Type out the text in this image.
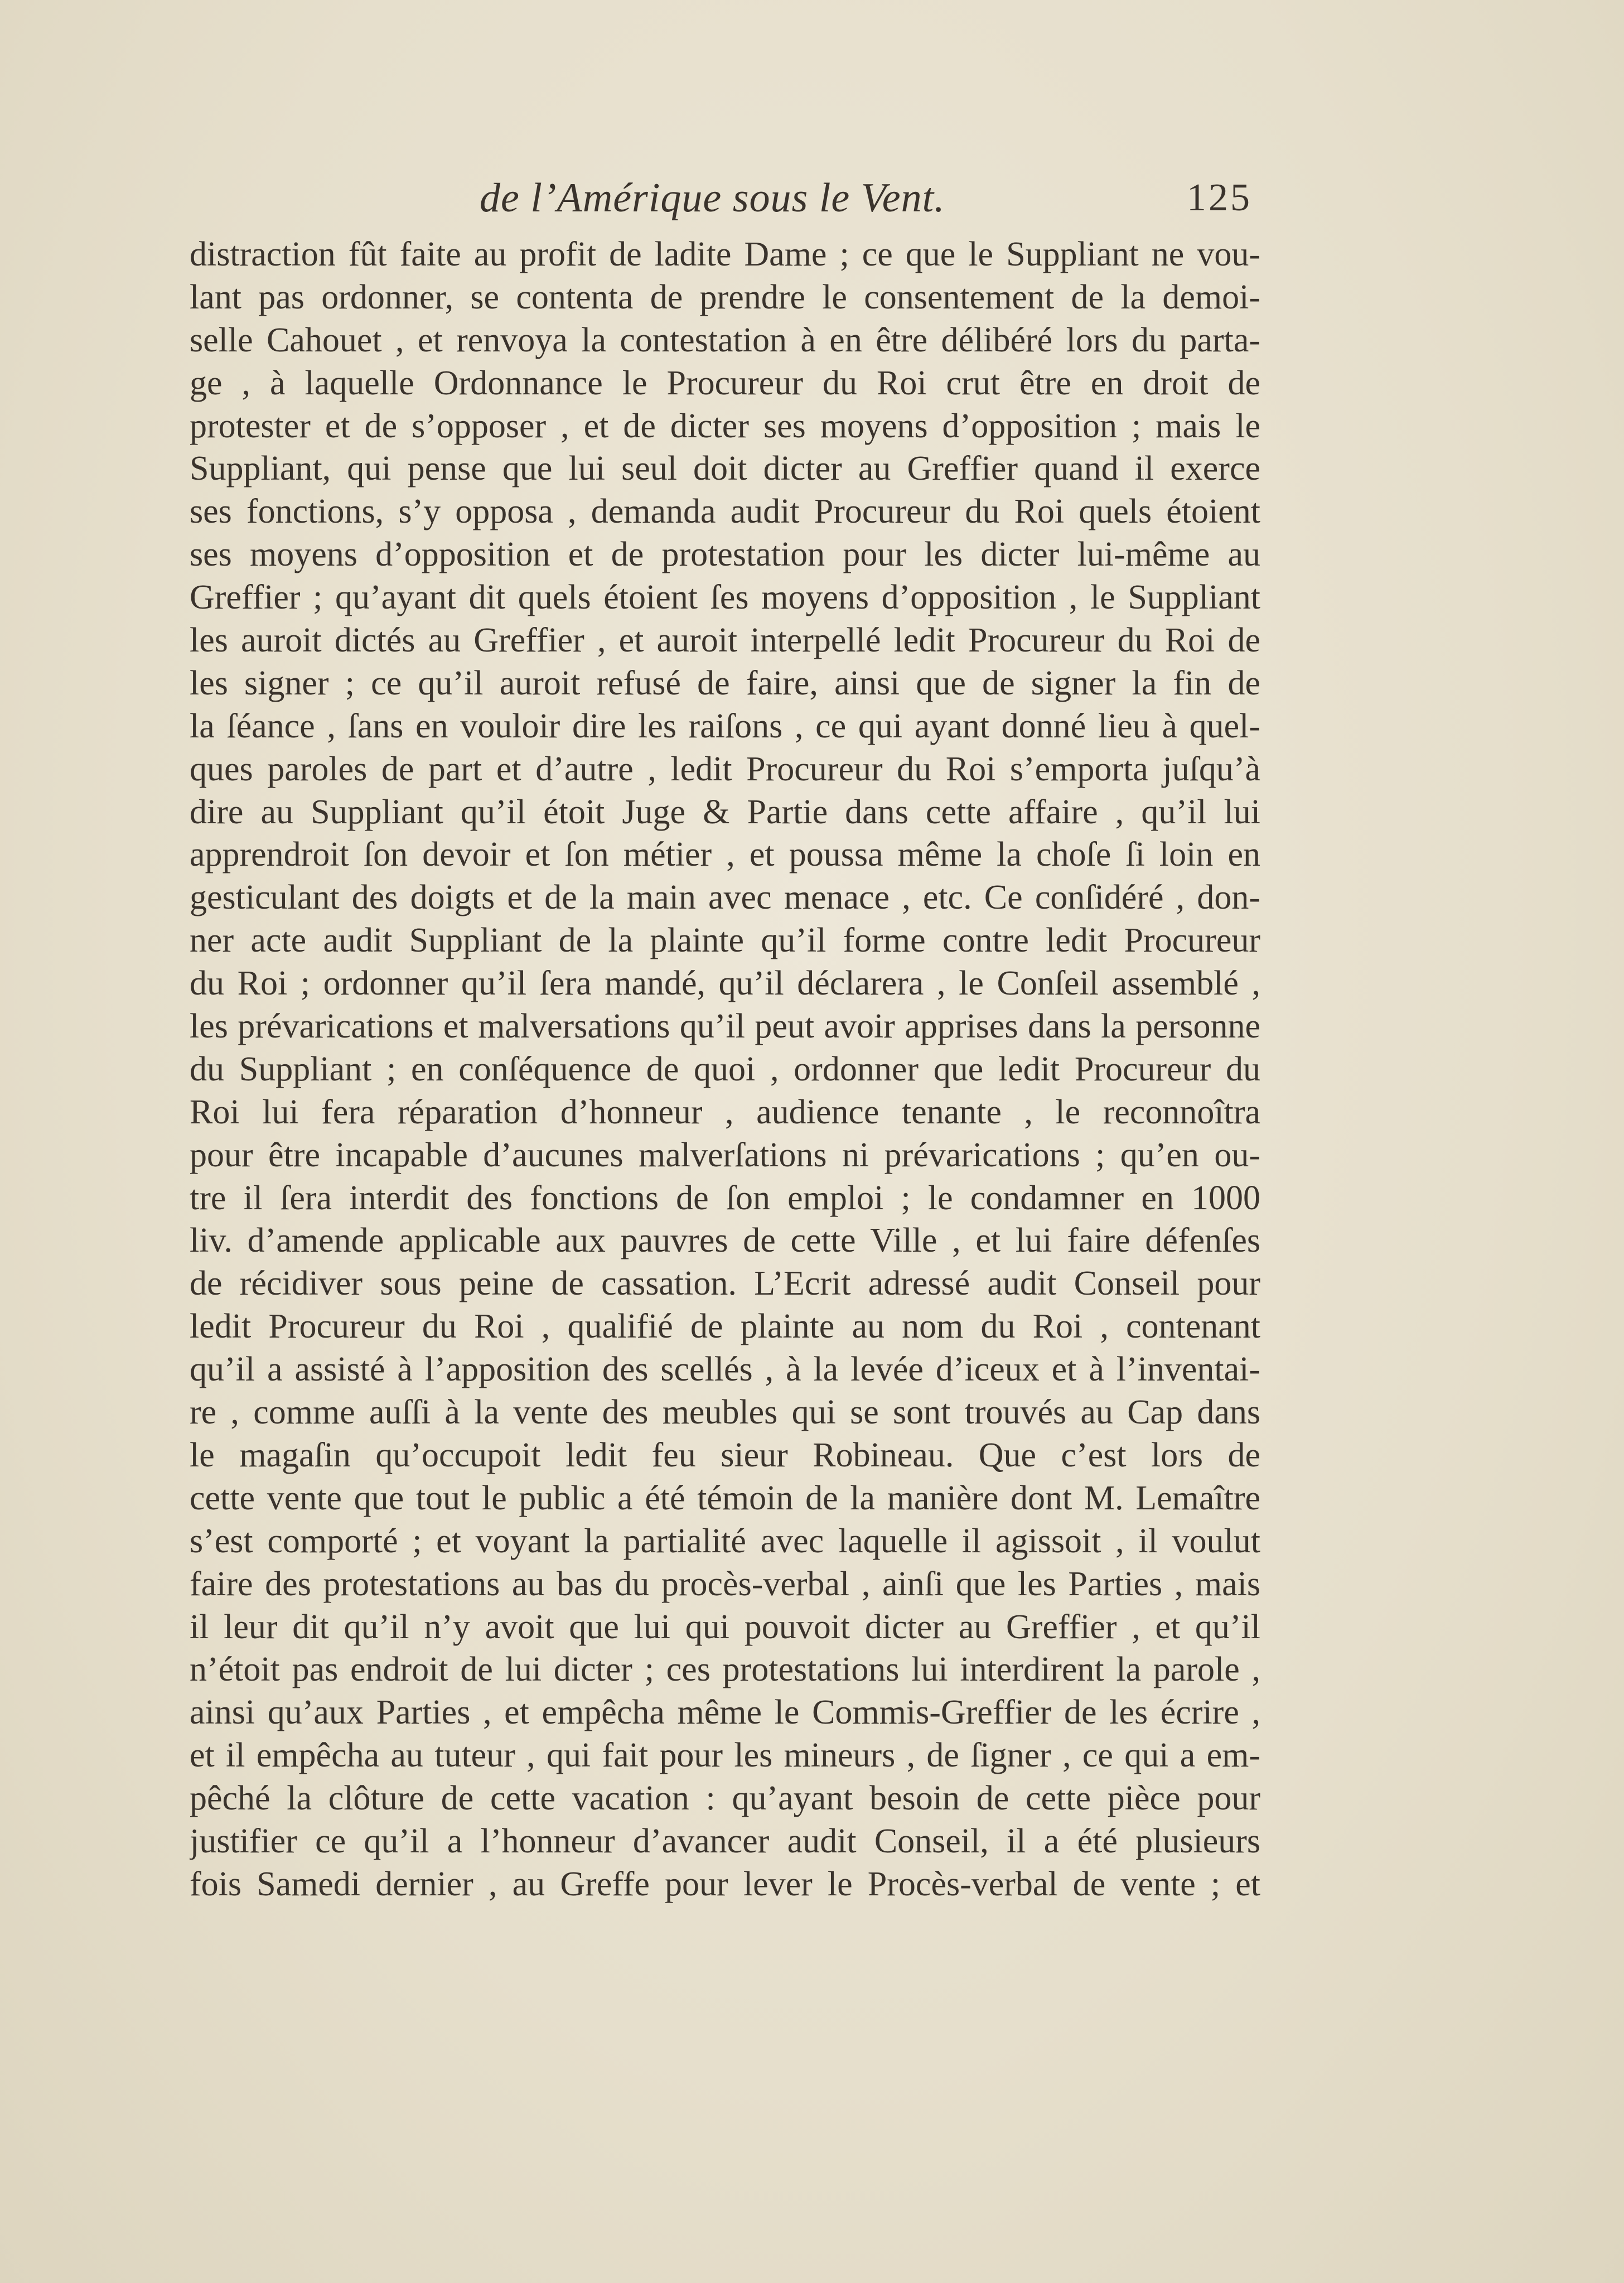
de l’Amérique sous le Vent.	125
distraction fût faite au profit de ladite Dame ; ce que le Suppliant ne vou-
lant pas ordonner, se contenta de prendre le consentement de la demoi-
selle Cahouet , et renvoya la contestation à en être délibéré lors du parta-
ge , à laquelle Ordonnance le Procureur du Roi crut être en droit de
protester et de s’opposer , et de dicter ses moyens d’opposition ; mais le
Suppliant, qui pense que lui seul doit dicter au Greffier quand il exerce
ses fonctions, s’y opposa , demanda audit Procureur du Roi quels étoient
ses moyens d’opposition et de protestation pour les dicter lui-même au
Greffier ; qu’ayant dit quels étoient ſes moyens d’opposition , le Suppliant
les auroit dictés au Greffier , et auroit interpellé ledit Procureur du Roi de
les signer ; ce qu’il auroit refusé de faire, ainsi que de signer la fin de
la ſéance , ſans en vouloir dire les raiſons , ce qui ayant donné lieu à quel-
ques paroles de part et d’autre , ledit Procureur du Roi s’emporta juſqu’à
dire au Suppliant qu’il étoit Juge & Partie dans cette affaire , qu’il lui
apprendroit ſon devoir et ſon métier , et poussa même la choſe ſi loin en
gesticulant des doigts et de la main avec menace , etc. Ce conſidéré , don-
ner acte audit Suppliant de la plainte qu’il forme contre ledit Procureur
du Roi ; ordonner qu’il ſera mandé, qu’il déclarera , le Conſeil assemblé ,
les prévarications et malversations qu’il peut avoir apprises dans la personne
du Suppliant ; en conſéquence de quoi , ordonner que ledit Procureur du
Roi lui fera réparation d’honneur , audience tenante , le reconnoîtra
pour être incapable d’aucunes malverſations ni prévarications ; qu’en ou-
tre il ſera interdit des fonctions de ſon emploi ; le condamner en 1000
liv. d’amende applicable aux pauvres de cette Ville , et lui faire défenſes
de récidiver sous peine de cassation. L’Ecrit adressé audit Conseil pour
ledit Procureur du Roi , qualifié de plainte au nom du Roi , contenant
qu’il a assisté à l’apposition des scellés , à la levée d’iceux et à l’inventai-
re , comme auſſi à la vente des meubles qui se sont trouvés au Cap dans
le magaſin qu’occupoit ledit feu sieur Robineau. Que c’est lors de
cette vente que tout le public a été témoin de la manière dont M. Lemaître
s’est comporté ; et voyant la partialité avec laquelle il agissoit , il voulut
faire des protestations au bas du procès-verbal , ainſi que les Parties , mais
il leur dit qu’il n’y avoit que lui qui pouvoit dicter au Greffier , et qu’il
n’étoit pas endroit de lui dicter ; ces protestations lui interdirent la parole ,
ainsi qu’aux Parties , et empêcha même le Commis-Greffier de les écrire ,
et il empêcha au tuteur , qui fait pour les mineurs , de ſigner , ce qui a em-
pêché la clôture de cette vacation : qu’ayant besoin de cette pièce pour
justifier ce qu’il a l’honneur d’avancer audit Conseil, il a été plusieurs
fois Samedi dernier , au Greffe pour lever le Procès-verbal de vente ; et
